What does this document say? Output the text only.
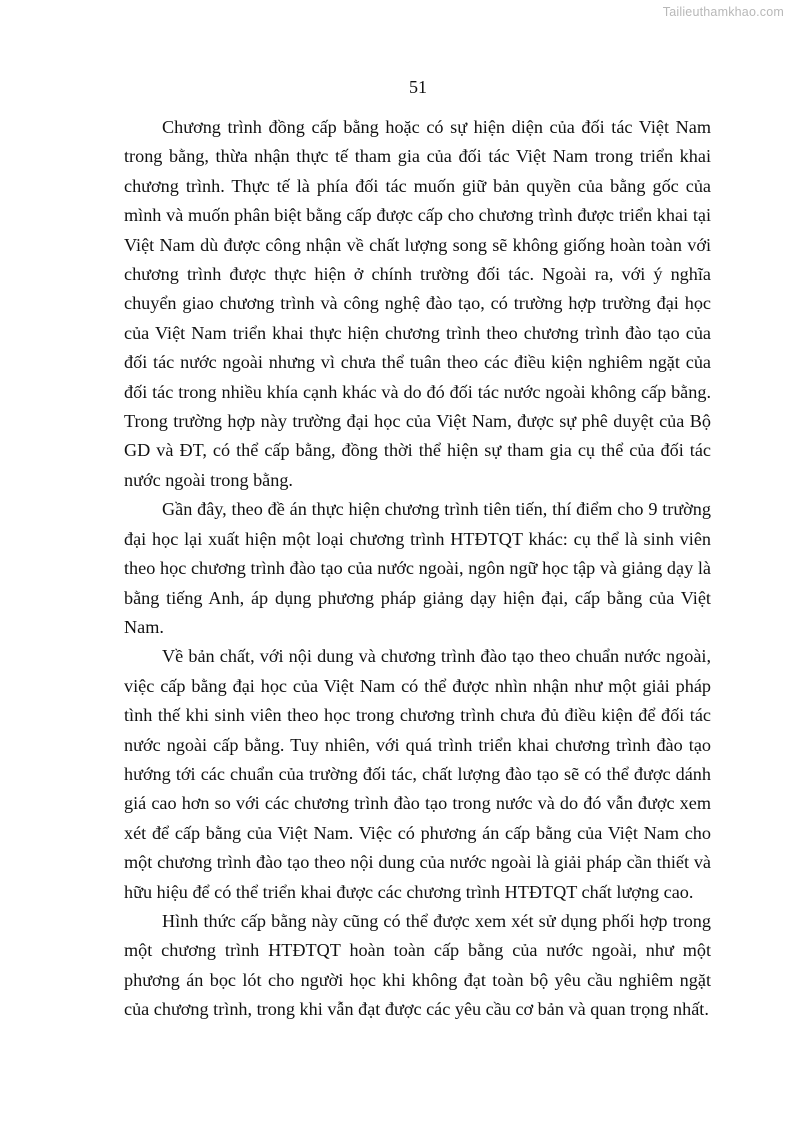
Tailieuthamkhao.com
51

Chương trình đồng cấp bằng hoặc có sự hiện diện của đối tác Việt Nam trong bằng, thừa nhận thực tế tham gia của đối tác Việt Nam trong triển khai chương trình. Thực tế là phía đối tác muốn giữ bản quyền của bằng gốc của mình và muốn phân biệt bằng cấp được cấp cho chương trình được triển khai tại Việt Nam dù được công nhận về chất lượng song sẽ không giống hoàn toàn với chương trình được thực hiện ở chính trường đối tác. Ngoài ra, với ý nghĩa chuyển giao chương trình và công nghệ đào tạo, có trường hợp trường đại học của Việt Nam triển khai thực hiện chương trình theo chương trình đào tạo của đối tác nước ngoài nhưng vì chưa thể tuân theo các điều kiện nghiêm ngặt của đối tác trong nhiều khía cạnh khác và do đó đối tác nước ngoài không cấp bằng. Trong trường hợp này trường đại học của Việt Nam, được sự phê duyệt của Bộ GD và ĐT, có thể cấp bằng, đồng thời thể hiện sự tham gia cụ thể của đối tác nước ngoài trong bằng.

Gần đây, theo đề án thực hiện chương trình tiên tiến, thí điểm cho 9 trường đại học lại xuất hiện một loại chương trình HTĐTQT khác: cụ thể là sinh viên theo học chương trình đào tạo của nước ngoài, ngôn ngữ học tập và giảng dạy là bằng tiếng Anh, áp dụng phương pháp giảng dạy hiện đại, cấp bằng của Việt Nam.

Về bản chất, với nội dung và chương trình đào tạo theo chuẩn nước ngoài, việc cấp bằng đại học của Việt Nam có thể được nhìn nhận như một giải pháp tình thế khi sinh viên theo học trong chương trình chưa đủ điều kiện để đối tác nước ngoài cấp bằng. Tuy nhiên, với quá trình triển khai chương trình đào tạo hướng tới các chuẩn của trường đối tác, chất lượng đào tạo sẽ có thể được dánh giá cao hơn so với các chương trình đào tạo trong nước và do đó vẫn được xem xét để cấp bằng của Việt Nam. Việc có phương án cấp bằng của Việt Nam cho một chương trình đào tạo theo nội dung của nước ngoài là giải pháp cần thiết và hữu hiệu để có thể triển khai được các chương trình HTĐTQT chất lượng cao.

Hình thức cấp bằng này cũng có thể được xem xét sử dụng phối hợp trong một chương trình HTĐTQT hoàn toàn cấp bằng của nước ngoài, như một phương án bọc lót cho người học khi không đạt toàn bộ yêu cầu nghiêm ngặt của chương trình, trong khi vẫn đạt được các yêu cầu cơ bản và quan trọng nhất.
